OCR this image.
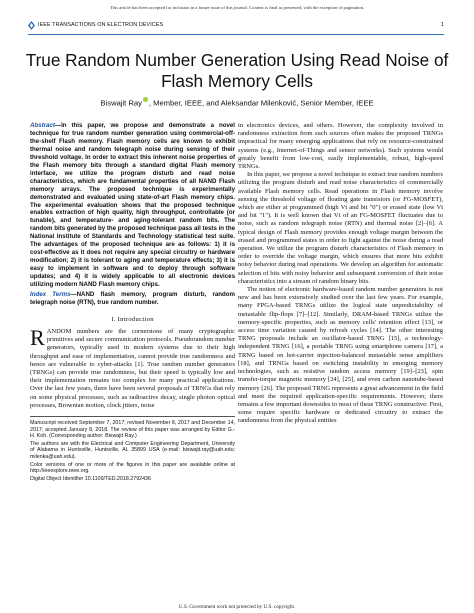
This article has been accepted for inclusion in a future issue of this journal. Content is final as presented, with the exception of pagination.
IEEE TRANSACTIONS ON ELECTRON DEVICES	1
True Random Number Generation Using Read Noise of Flash Memory Cells
Biswajit Ray , Member, IEEE, and Aleksandar Milenković, Senior Member, IEEE

Abstract—In this paper, we propose and demonstrate a novel technique for true random number generation using commercial-off-the-shelf Flash memory. Flash memory cells are known to exhibit thermal noise and random telegraph noise during sensing of their threshold voltage. In order to extract this inherent noise properties of the Flash memory bits through a standard digital Flash memory interface, we utilize the program disturb and read noise characteristics, which are fundamental properties of all NAND Flash memory arrays. The proposed technique is experimentally demonstrated and evaluated using state-of-art Flash memory chips. The experimental evaluation shows that the proposed technique enables extraction of high quality, high throughput, controllable (or tunable), and temperature- and aging-tolerant random bits. The random bits generated by the proposed technique pass all tests in the National Institute of Standards and Technology statistical test suite. The advantages of the proposed technique are as follows: 1) it is cost-effective as it does not require any special circuitry or hardware modification; 2) it is tolerant to aging and temperature effects; 3) it is easy to implement in software and to deploy through software updates; and 4) it is widely applicable to all electronic devices utilizing modern NAND Flash memory chips.

Index Terms—NAND flash memory, program disturb, random telegraph noise (RTN), true random number.

I. Introduction

RANDOM numbers are the cornerstone of many cryptographic primitives and secure communication protocols. Pseudorandom number generators, typically used in modern systems due to their high throughput and ease of implementation, cannot provide true randomness and hence are vulnerable to cyber-attacks [1]. True random number generators (TRNGs) can provide true randomness, but their speed is typically low and their implementation remains too complex for many practical applications. Over the last few years, there have been several proposals of TRNGs that rely on some physical processes, such as radioactive decay, single photon optical processes, Brownian motion, clock jitters, noise

Manuscript received September 7, 2017; revised November 8, 2017 and December 14, 2017; accepted January 8, 2018. The review of this paper was arranged by Editor G.-H. Koh. (Corresponding author: Biswajit Ray.)

The authors are with the Electrical and Computer Engineering Department, University of Alabama in Huntsville, Huntsville, AL 35899 USA (e-mail: biswajit.ray@uah.edu; milenka@uah.edu).

Color versions of one or more of the figures in this paper are available online at http://ieeexplore.ieee.org.

Digital Object Identifier 10.1109/TED.2018.2792436

in electronics devices, and others. However, the complexity involved in randomness extraction from such sources often makes the proposed TRNGs impractical for many emerging applications that rely on resource-constrained systems (e.g., Internet-of-Things and sensor networks). Such systems would greatly benefit from low-cost, easily implementable, robust, high-speed TRNGs.

In this paper, we propose a novel technique to extract true random numbers utilizing the program disturb and read noise characteristics of commercially available Flash memory cells. Read operations in Flash memory involve sensing the threshold voltage of floating gate transistors (or FG-MOSFET), which are either at programmed (high Vt and bit "0") or erased state (low Vt and bit "1"). It is well known that Vt of an FG-MOSFET fluctuates due to noise, such as random telegraph noise (RTN) and thermal noise [2]–[6]. A typical design of Flash memory provides enough voltage margin between the erased and programmed states in order to fight against the noise during a read operation. We utilize the program disturb characteristics of Flash memory in order to override the voltage margin, which ensures that more bits exhibit noisy behavior during read operations. We develop an algorithm for automatic selection of bits with noisy behavior and subsequent conversion of their noise characteristics into a stream of random binary bits.

The notion of electronic hardware-based random number generators is not new and has been extensively studied over the last few years. For example, many FPGA-based TRNGs utilize the logical state unpredictability of metastable flip-flops [7]–[12]. Similarly, DRAM-based TRNGs utilize the memory-specific properties, such as memory cells' retention effect [13], or access time variation caused by refresh cycles [14]. The other interesting TRNG proposals include an oscillator-based TRNG [15], a technology-independent TRNG [16], a portable TRNG using smartphone camera [17], a TRNG based on hot-carrier injection-balanced metastable sense amplifiers [18], and TRNGs based on switching instability in emerging memory technologies, such as resistive random access memory [19]–[23], spin transfer-torque magnetic memory [24], [25], and even carbon nanotube-based memory [26]. The proposed TRNG represents a great advancement in the field and meet the required application-specific requirements. However, there remains a few important downsides to most of these TRNG constructive: First, some require specific hardware or dedicated circuitry to extract the randomness from the physical entities

U.S. Government work not protected by U.S. copyright.
